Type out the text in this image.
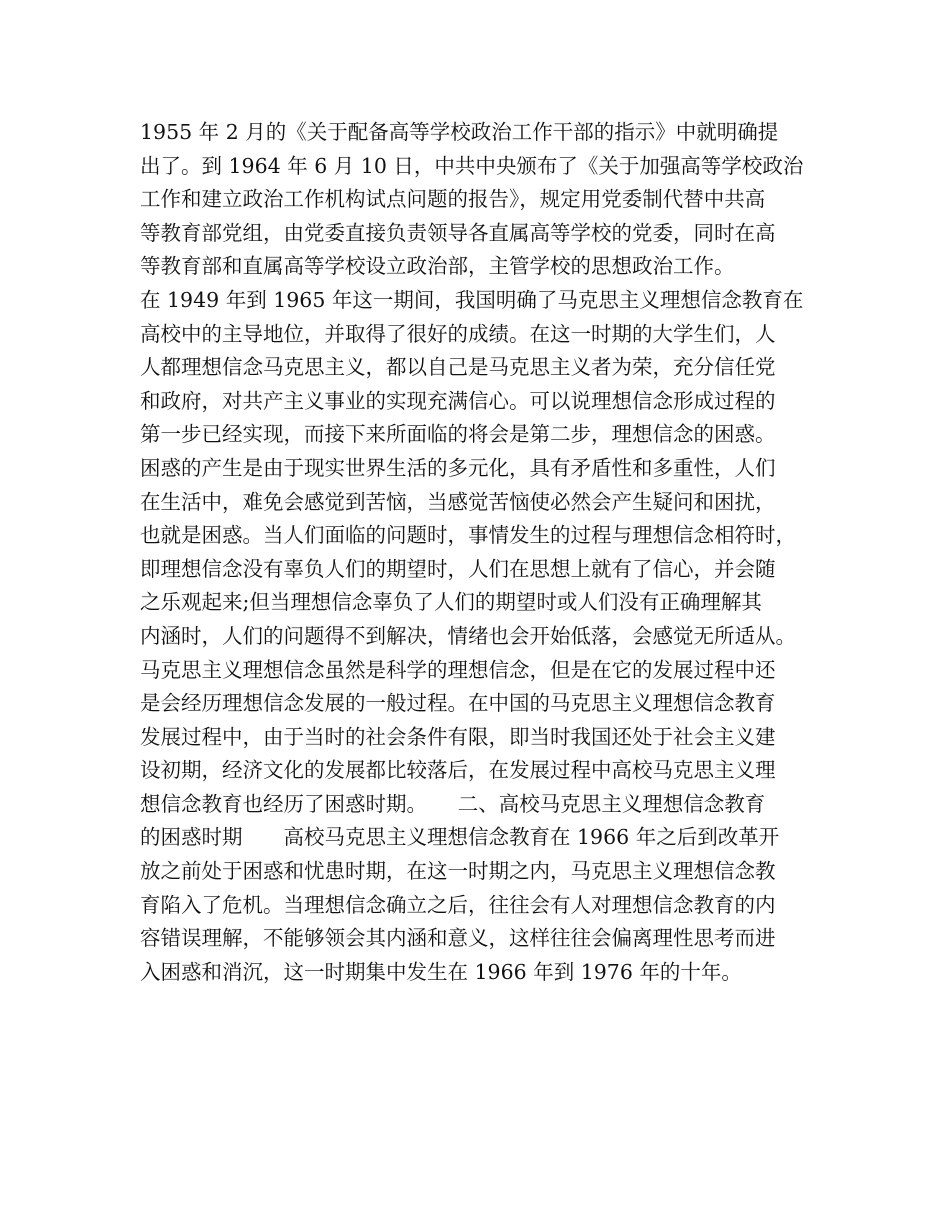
1955 年 2 月的《关于配备高等学校政治工作干部的指示》中就明确提
出了。到 1964 年 6 月 10 日，中共中央颁布了《关于加强高等学校政治
工作和建立政治工作机构试点问题的报告》，规定用党委制代替中共高
等教育部党组，由党委直接负责领导各直属高等学校的党委，同时在高
等教育部和直属高等学校设立政治部，主管学校的思想政治工作。
在 1949 年到 1965 年这一期间，我国明确了马克思主义理想信念教育在
高校中的主导地位，并取得了很好的成绩。在这一时期的大学生们，人
人都理想信念马克思主义，都以自己是马克思主义者为荣，充分信任党
和政府，对共产主义事业的实现充满信心。可以说理想信念形成过程的
第一步已经实现，而接下来所面临的将会是第二步，理想信念的困惑。
困惑的产生是由于现实世界生活的多元化，具有矛盾性和多重性，人们
在生活中，难免会感觉到苦恼，当感觉苦恼使必然会产生疑问和困扰，
也就是困惑。当人们面临的问题时，事情发生的过程与理想信念相符时，
即理想信念没有辜负人们的期望时，人们在思想上就有了信心，并会随
之乐观起来;但当理想信念辜负了人们的期望时或人们没有正确理解其
内涵时，人们的问题得不到解决，情绪也会开始低落，会感觉无所适从。
马克思主义理想信念虽然是科学的理想信念，但是在它的发展过程中还
是会经历理想信念发展的一般过程。在中国的马克思主义理想信念教育
发展过程中，由于当时的社会条件有限，即当时我国还处于社会主义建
设初期，经济文化的发展都比较落后，在发展过程中高校马克思主义理
想信念教育也经历了困惑时期。　　二、高校马克思主义理想信念教育
的困惑时期　　高校马克思主义理想信念教育在 1966 年之后到改革开
放之前处于困惑和忧患时期，在这一时期之内，马克思主义理想信念教
育陷入了危机。当理想信念确立之后，往往会有人对理想信念教育的内
容错误理解，不能够领会其内涵和意义，这样往往会偏离理性思考而进
入困惑和消沉，这一时期集中发生在 1966 年到 1976 年的十年。
